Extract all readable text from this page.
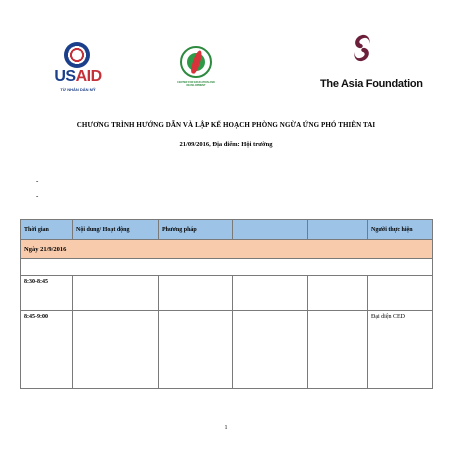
USAID
TỪ NHÂN DÂN MỸ
CENTER FOR EDUCATION AND DEVELOPMENT	The Asia Foundation
CHƯƠNG TRÌNH HƯỚNG DẪN VÀ LẬP KẾ HOẠCH PHÒNG NGỪA ỨNG PHÓ THIÊN TAI
21/09/2016, Địa điểm: Hội trường
-
-
Thời gian	Nội dung/ Hoạt động	Phương pháp			Người thực hiện
Ngày 21/9/2016					

8:30-8:45					
8:45-9:00					Đại diện CED
1
